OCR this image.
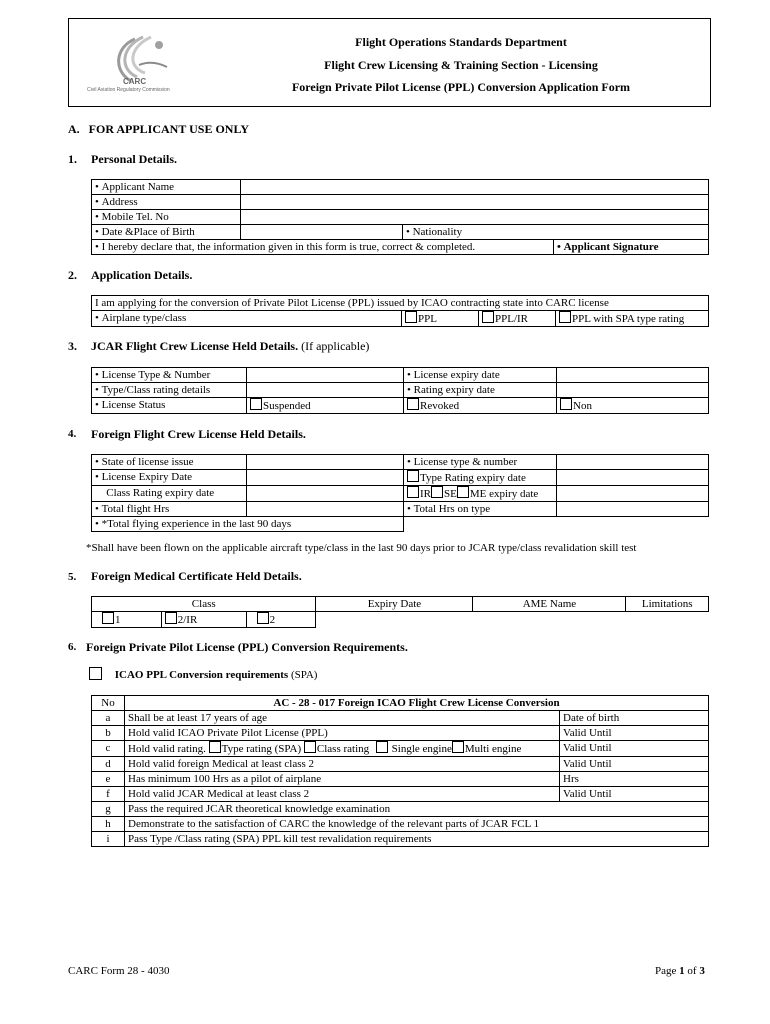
CARC
Civil Aviation Regulatory Commission
Flight Operations Standards Department
Flight Crew Licensing & Training Section - Licensing
Foreign Private Pilot License (PPL) Conversion Application Form
A.   FOR APPLICANT USE ONLY
1. Personal Details.
• Applicant Name	
• Address	
• Mobile Tel. No	
• Date &Place of Birth		• Nationality
• I hereby declare that, the information given in this form is true, correct & completed.	•Applicant Signature
2. Application Details.
I am applying for the conversion of Private Pilot License (PPL) issued by ICAO contracting state into CARC license
• Airplane type/class	PPL	PPL/IR	PPL with SPA type rating
3. JCAR Flight Crew License Held Details. (If applicable)
• License Type & Number		• License expiry date	
• Type/Class rating details		• Rating expiry date	
• License Status	Suspended	Revoked	Non
4. Foreign Flight Crew License Held Details.
• State of license issue		• License type & number	
• License Expiry Date		Type Rating expiry date	
Class Rating expiry date		IR SE ME expiry date	
• Total flight Hrs		• Total Hrs on type	
• *Total flying experience in the last 90 days		
*Shall have been flown on the applicable aircraft type/class in the last 90 days prior to JCAR type/class revalidation skill test
5. Foreign Medical Certificate Held Details.
Class			Expiry Date	AME Name	Limitations
1	2/IR	2			
6. Foreign Private Pilot License (PPL) Conversion Requirements.
ICAO PPL Conversion requirements (SPA)
No	AC - 28 - 017 Foreign ICAO Flight Crew License Conversion	
a	Shall be at least 17 years of age	Date of birth
b	Hold valid ICAO Private Pilot License (PPL)	Valid Until
c	Hold valid rating. Type rating (SPA) Class rating Single engine Multi engine	Valid Until
d	Hold valid foreign Medical at least class 2	Valid Until
e	Has minimum 100 Hrs as a pilot of airplane	Hrs
f	Hold valid JCAR Medical at least class 2	Valid Until
g	Pass the required JCAR theoretical knowledge examination	
h	Demonstrate to the satisfaction of CARC the knowledge of the relevant parts of JCAR FCL 1	
i	Pass Type /Class rating (SPA) PPL kill test revalidation requirements	
CARC Form 28 - 4030	Page 1 of 3
